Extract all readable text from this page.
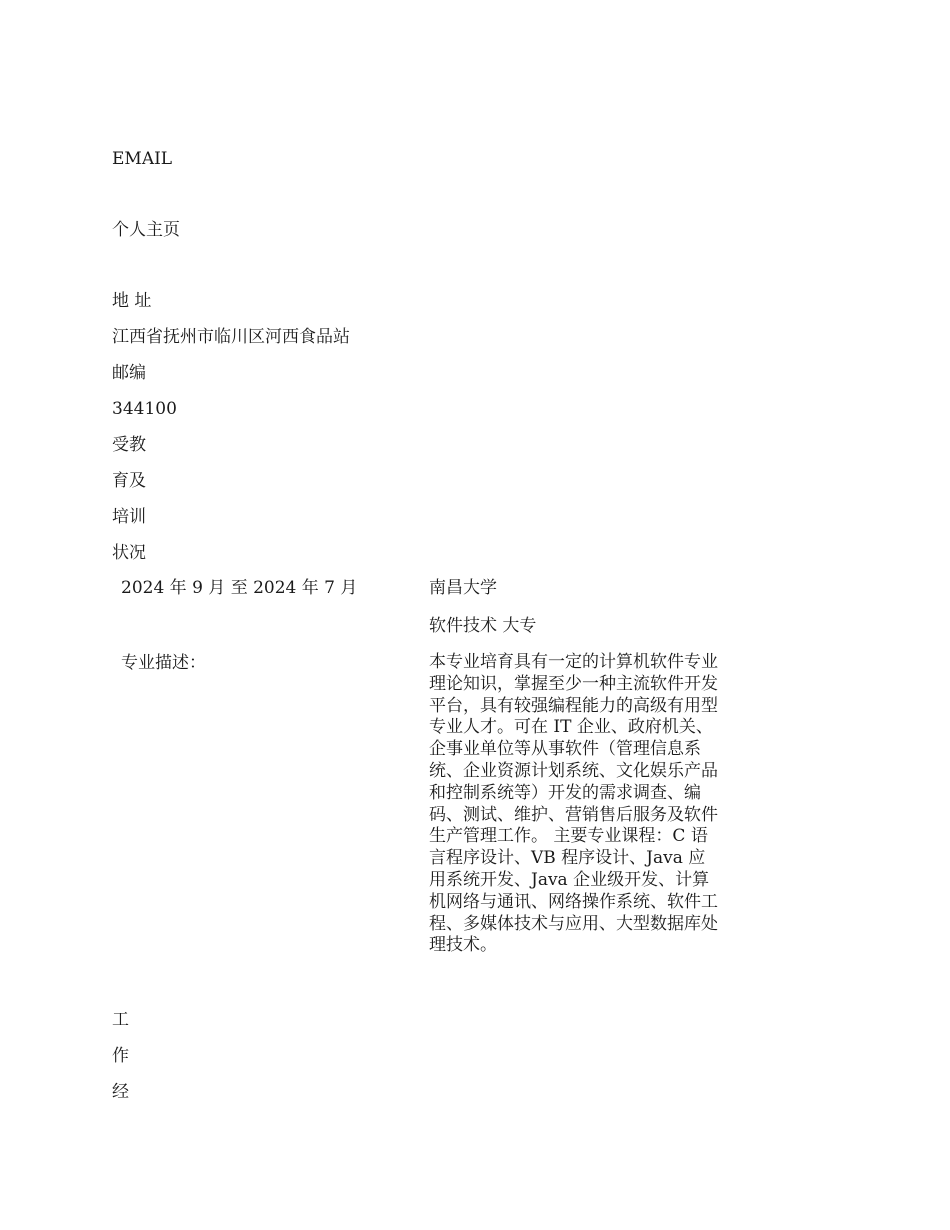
EMAIL
个人主页
地 址
江西省抚州市临川区河西食品站
邮编
344100
受教
育及
培训
状况
2024 年 9 月 至 2024 年 7 月	南昌大学
软件技术 大专
专业描述：	本专业培育具有一定的计算机软件专业理论知识，掌握至少一种主流软件开发平台，具有较强编程能力的高级有用型专业人才。可在 IT 企业、政府机关、企事业单位等从事软件（管理信息系统、企业资源计划系统、文化娱乐产品和控制系统等）开发的需求调查、编码、测试、维护、营销售后服务及软件生产管理工作。 主要专业课程：C 语言程序设计、VB 程序设计、Java 应用系统开发、Java 企业级开发、计算机网络与通讯、网络操作系统、软件工程、多媒体技术与应用、大型数据库处理技术。
工
作
经
